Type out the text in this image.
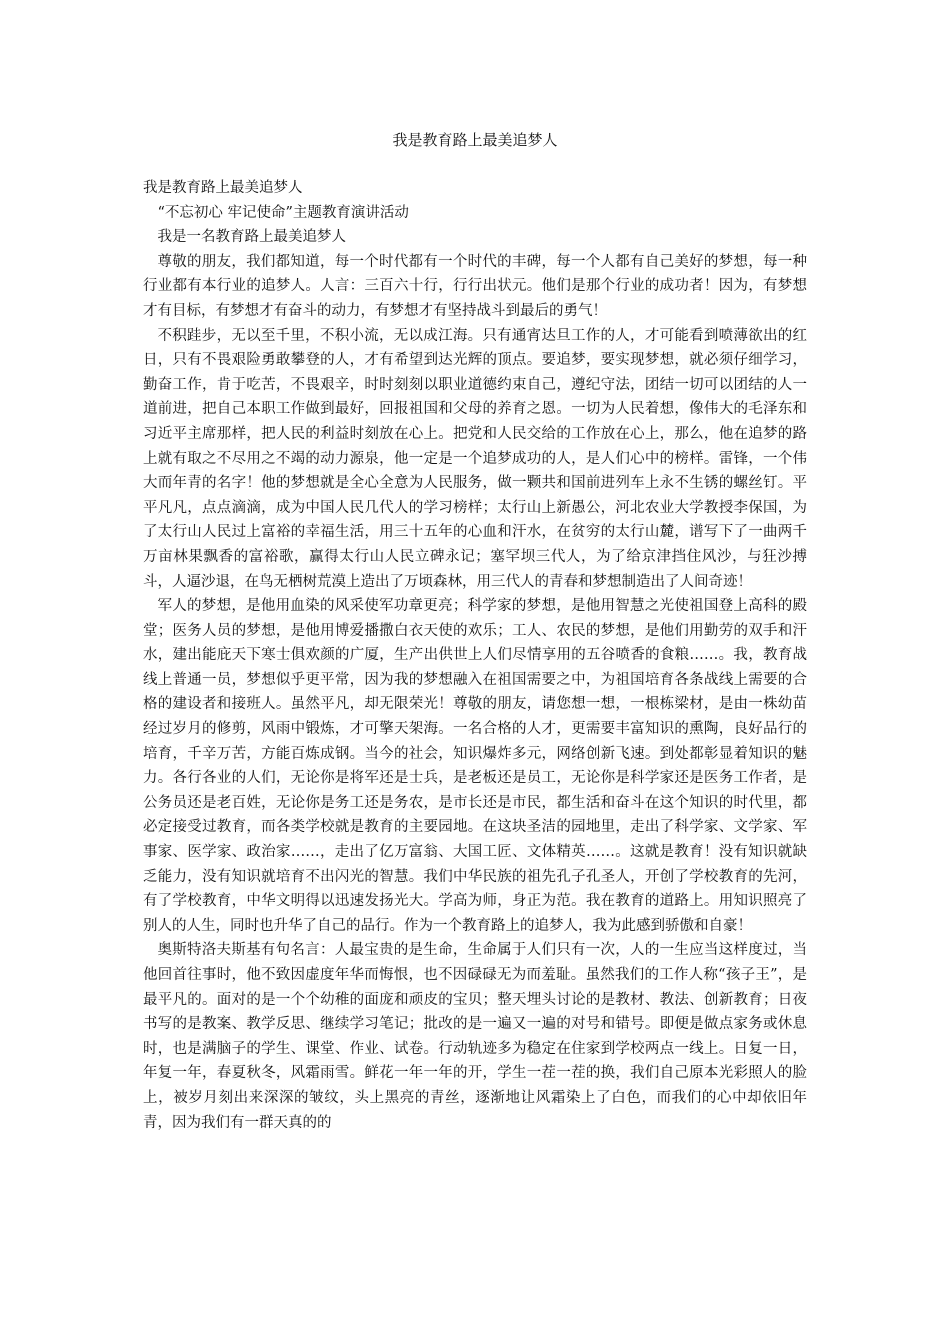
我是教育路上最美追梦人

我是教育路上最美追梦人

“不忘初心 牢记使命”主题教育演讲活动

我是一名教育路上最美追梦人

尊敬的朋友，我们都知道，每一个时代都有一个时代的丰碑，每一个人都有自己美好的梦想，每一种行业都有本行业的追梦人。人言：三百六十行，行行出状元。他们是那个行业的成功者！因为，有梦想才有目标，有梦想才有奋斗的动力，有梦想才有坚持战斗到最后的勇气！

不积跬步，无以至千里，不积小流，无以成江海。只有通宵达旦工作的人，才可能看到喷薄欲出的红日，只有不畏艰险勇敢攀登的人，才有希望到达光辉的顶点。要追梦，要实现梦想，就必须仔细学习，勤奋工作，肯于吃苦，不畏艰辛，时时刻刻以职业道德约束自己，遵纪守法，团结一切可以团结的人一道前进，把自己本职工作做到最好，回报祖国和父母的养育之恩。一切为人民着想，像伟大的毛泽东和习近平主席那样，把人民的利益时刻放在心上。把党和人民交给的工作放在心上，那么，他在追梦的路上就有取之不尽用之不竭的动力源泉，他一定是一个追梦成功的人，是人们心中的榜样。雷锋，一个伟大而年青的名字！他的梦想就是全心全意为人民服务，做一颗共和国前进列车上永不生锈的螺丝钉。平平凡凡，点点滴滴，成为中国人民几代人的学习榜样；太行山上新愚公，河北农业大学教授李保国，为了太行山人民过上富裕的幸福生活，用三十五年的心血和汗水，在贫穷的太行山麓，谱写下了一曲两千万亩林果飘香的富裕歌，赢得太行山人民立碑永记；塞罕坝三代人，为了给京津挡住风沙，与狂沙搏斗，人逼沙退，在鸟无栖树荒漠上造出了万顷森林，用三代人的青春和梦想制造出了人间奇迹！

军人的梦想，是他用血染的风采使军功章更亮；科学家的梦想，是他用智慧之光使祖国登上高科的殿堂；医务人员的梦想，是他用博爱播撒白衣天使的欢乐；工人、农民的梦想，是他们用勤劳的双手和汗水，建出能庇天下寒士俱欢颜的广厦，生产出供世上人们尽情享用的五谷喷香的食粮……。我，教育战线上普通一员，梦想似乎更平常，因为我的梦想融入在祖国需要之中，为祖国培育各条战线上需要的合格的建设者和接班人。虽然平凡，却无限荣光！尊敬的朋友，请您想一想，一根栋梁材，是由一株幼苗经过岁月的修剪，风雨中锻炼，才可擎天架海。一名合格的人才，更需要丰富知识的熏陶，良好品行的培育，千辛万苦，方能百炼成钢。当今的社会，知识爆炸多元，网络创新飞速。到处都彰显着知识的魅力。各行各业的人们，无论你是将军还是士兵，是老板还是员工，无论你是科学家还是医务工作者，是公务员还是老百姓，无论你是务工还是务农，是市长还是市民，都生活和奋斗在这个知识的时代里，都必定接受过教育，而各类学校就是教育的主要园地。在这块圣洁的园地里，走出了科学家、文学家、军事家、医学家、政治家……，走出了亿万富翁、大国工匠、文体精英……。这就是教育！没有知识就缺乏能力，没有知识就培育不出闪光的智慧。我们中华民族的祖先孔子孔圣人，开创了学校教育的先河，有了学校教育，中华文明得以迅速发扬光大。学高为师，身正为范。我在教育的道路上。用知识照亮了别人的人生，同时也升华了自己的品行。作为一个教育路上的追梦人，我为此感到骄傲和自豪！

奥斯特洛夫斯基有句名言：人最宝贵的是生命，生命属于人们只有一次，人的一生应当这样度过，当他回首往事时，他不致因虚度年华而悔恨，也不因碌碌无为而羞耻。虽然我们的工作人称“孩子王”，是最平凡的。面对的是一个个幼稚的面庞和顽皮的宝贝；整天埋头讨论的是教材、教法、创新教育；日夜书写的是教案、教学反思、继续学习笔记；批改的是一遍又一遍的对号和错号。即便是做点家务或休息时，也是满脑子的学生、课堂、作业、试卷。行动轨迹多为稳定在住家到学校两点一线上。日复一日，年复一年，春夏秋冬，风霜雨雪。鲜花一年一年的开，学生一茬一茬的换，我们自己原本光彩照人的脸上，被岁月刻出来深深的皱纹，头上黑亮的青丝，逐渐地让风霜染上了白色，而我们的心中却依旧年青，因为我们有一群天真的的
